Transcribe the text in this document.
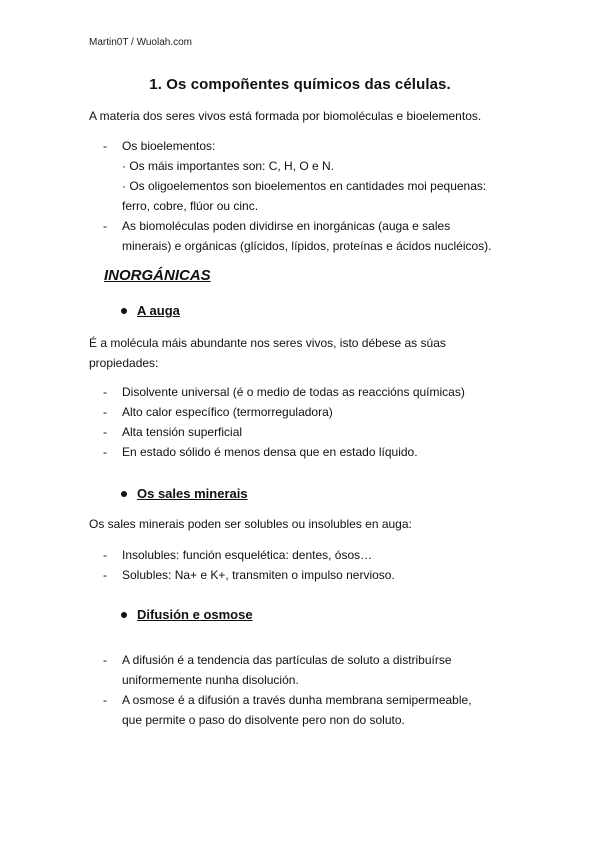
Martin0T / Wuolah.com
1. Os compoñentes químicos das células.
A materia dos seres vivos está formada por biomoléculas e bioelementos.
- Os bioelementos:
· Os máis importantes son: C, H, O e N.
· Os oligoelementos son bioelementos en cantidades moi pequenas:
ferro, cobre, flúor ou cinc.
- As biomoléculas poden dividirse en inorgánicas (auga e sales
minerais) e orgánicas (glícidos, lípidos, proteínas e ácidos nucléicos).
INORGÁNICAS
A auga
É a molécula máis abundante nos seres vivos, isto débese as súas
propiedades:
- Disolvente universal (é o medio de todas as reaccións químicas)
- Alto calor específico (termorreguladora)
- Alta tensión superficial
- En estado sólido é menos densa que en estado líquido.
Os sales minerais
Os sales minerais poden ser solubles ou insolubles en auga:
- Insolubles: función esquelética: dentes, ósos…
- Solubles: Na+ e K+, transmiten o impulso nervioso.
Difusión e osmose
- A difusión é a tendencia das partículas de soluto a distribuírse
uniformemente nunha disolución.
- A osmose é a difusión a través dunha membrana semipermeable,
que permite o paso do disolvente pero non do soluto.
